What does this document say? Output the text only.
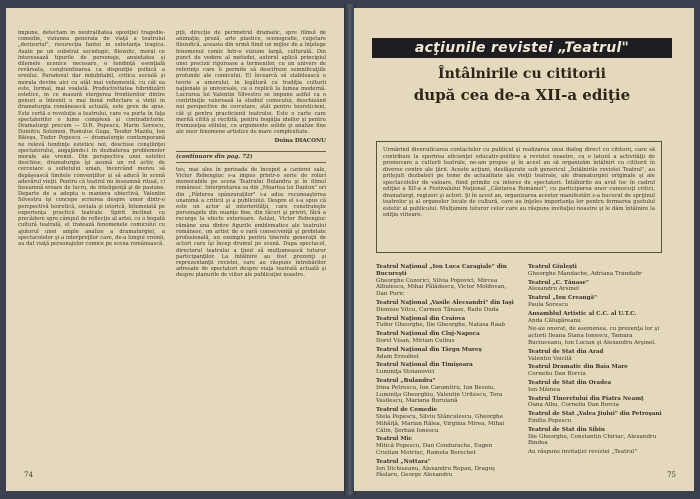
impune, detectam in neutralitatea opoziţiei tragedie-comedie, viziunea generala de viaţă a teatrului „derizoriul", resurecţia fantei in substanţa tragica. Axate pe un substrat sociologic, filozofic, moral ce interesează tipurile de personaje, anxietatea şi dilemele ucenice necesare, o tendinţă esenţială revărsata, conştientizarea ca dispoziţie psihică a eroului. Paradoxul dar indubitabil, critica socială şi morala devine aici cu atât mai vehementă, cu cât ea este, formal, mai voalată. Productivitatea hibridizării estetice, in ce masură stergerea frontierelor dintre genuri a înlesnit o mai bună reflectare a vieţii in dramaturgia românească actuală, este greu de spus. Este certă o revoluţie a teatrului, care va purta în faţa spectatorilor o lume complexă şi contradictorie. Dramaturgi precum — D.R. Popescu, Marin Sorescu, Dumitru Solomon, Romulus Guga, Teodor Mazilu, Ion Băieşu, Tudor Popescu — dramaturgie contemporană ne relevă tendinţe estetice noi, deschise conştiinţei spectatorului, angajându-l în dezbaterea problemelor morale ale vremii. Din perspectiva unei estetici deschise, dramaturgia îşi asumă un rol activ, de cercetare a sufletului uman, încercând mereu să depăşească limitele convenţiilor şi să aducă în scenă adevărul vieţii. Pentru că teatrul nu înseamnă ritual, ci înseamnă eroare de lucru, de inteligenţă şi de pasiune. Departe de a adopta o maniera obiectivă, Valentin Silvestru îşi concepe scrierea despre umor dintr-o perspectivă teoretică, sociala şi istorică, întemeiată pe experienţa practicii teatrale. Spirit înclinat cu precădere spre câmpul de reflecţie al artei, cu o bogată cultură teatrală, el tratează fenomenele comicului cu ajutorul unei ample analize a dramaturgiei, a spectacolelor şi a interpreţilor care, de-a lungul vremii, au dat viaţă personajelor comice pe scena românească.

pţii, direcţie de perimetrul dramatic, spre filmul de animaţie, proză, arte plastice, scenografie, cugetare filozofică, aceasta din urmă fiind un mijloc de a înţelege fenomenul comic într-o viziune largă, culturală. Din punct de vedere al metodei, autorul aplică principiul unei precizii riguroase a termenilor, cu un univers de referinţe care îi permite să descifreze semnificaţiile profunde ale comicului. El încearcă să stabilească o teorie a umorului, in legătură cu tradiţia culturii naţionale şi universale, ca o replică la lumea modernă. Lucrarea lui Valentin Silvestru se impune astfel ca o contribuţie valoroasă la studiul comicului, deschizând noi perspective de cercetare, atât pentru teoreticieni, cât şi pentru practicienii teatrului. Este o carte care merită citită şi recitită, pentru bogăţia ideilor şi pentru frumuseţea stilului, cu argumente solide şi analize fine ale unor fenomene artistice de mare complexitate.

Doina DIACONU
(continuare din pag. 72)

tes; mai ales în perioada de început a carierei sale, Victor Rebengiuc s-a impus printr-o serie de roluri memorabile pe scena Teatrului Bulandra şi în filmul românesc. Interpretarea sa din „Moartea lui Danton" ori din „Pădurea spânzuraţilor" i-a adus recunoaşterea unanimă a criticii şi a publicului. Despre el s-a spus că este un actor al interiorităţii, care construieşte personajele din nuanţe fine, din tăceri şi priviri, fără a recurge la efecte exterioare. Astăzi, Victor Rebengiuc rămâne una dintre figurile emblematice ale teatrului românesc, un artist de o rară consecvenţă şi probitate profesională, un exemplu pentru tinerele generaţii de actori care îşi încep drumul pe scenă. Dupa spectacol, directorul teatrului a ţinut să mulţumească tuturor participanţilor. La întâlnire au fost prezenţi şi reprezentanţii revistei, care au răspuns întrebărilor adresate de spectatori despre viaţa teatrală actuală şi despre planurile de viitor ale publicaţiei noastre.

74
acţiunile revistei „Teatrul"
Întâlnirile cu cititorii
după cea de-a XII-a ediţie
Urmărind diversificarea contactelor cu publicul şi realizarea unui dialog direct cu cititorii, care să contribuie la sporirea eficienţei educativ-politice a revistei noastre, ca o latură a activităţii de promovare a culturii teatrale, ne-am propus şi în acest an să organizăm întâlniri cu cititorii în diverse centre ale ţării. Aceste acţiuni, desfăşurate sub genericul „Întâlnirile revistei Teatrul", au prilejuit dezbateri pe teme de actualitate ale vieţii teatrale, ale dramaturgiei originale şi ale spectacolelor de valoare, fiind primite cu interes de spectatori. Întâlnirile au avut loc în cadrul ediţiei a XII-a a Festivalului Naţional „Cântarea României", cu participarea unor cunoscuţi critici, dramaturgi, regizori şi actori. Şi în acest an, organizarea acestor manifestări s-a bucurat de sprijinul teatrelor şi al organelor locale de cultură, care au înţeles importanţa lor pentru formarea gustului estetic al publicului. Mulţumim tuturor celor care au răspuns invitaţiei noastre şi le dăm întâlnire la ediţia viitoare.
Teatrul Naţional „Ion Luca Caragiale" din Bucureşti
Gheorghe Cozorici, Silvia Popovici, Mircea Albulescu, Mihai Pălădescu, Victor Moldovan, Dan Puric
Teatrul Naţional „Vasile Alecsandri" din Iaşi
Dionisie Vitcu, Carmen Tănase, Radu Duda
Teatrul Naţional din Craiova
Tudor Gheorghe, Ilie Gheorghe, Natasa Raab
Teatrul Naţional din Cluj-Napoca
Dorel Visan, Miriam Cuibus
Teatrul Naţional din Târgu Mureş
Adam Erzsébet
Teatrul Naţional din Timişoara
Luminiţa Stoianovici
Teatrul „Bulandra"
Irina Petrescu, Ion Caramitru, Ion Besoiu, Luminiţa Gheorghiu, Valentin Uritescu, Tora Vasilescu, Mariana Buruiană
Teatrul de Comedie
Stela Popescu, Silviu Stănculescu, Gheorghe Mihăiţă, Marian Râlea, Virginia Mirea, Mihai Cǎlin, Şerban Ionescu
Teatrul Mic
Mitică Popescu, Dan Condurache, Eugen Cristian Motriuc, Rameta Berechet
Teatrul „Nottara"
Ion Dichiseanu, Alexandru Repan, Dragoş Pâslaru, George Alexandru
Teatrul Giuleşti
Gheorghe Mandache, Adriana Trandafir
Teatrul „C. Tănase"
Alexandru Arsinel
Teatrul „Ion Creangă"
Paula Sorescu
Ansamblul Artistic al C.C. al U.T.C.
Anda Călugăreanu
Ne-au onorat, de asemenea, cu prezenţa lor şi actorii Ileana Stana Ionescu, Tamara Buciuceanu, Ion Lucian şi Alexandru Arşinel.
Teatrul de Stat din Arad
Valentin Voicilă
Teatrul Dramatic din Baia Mare
Corneliu Dan Borcia
Teatrul de Stat din Oradea
Ion Mâinea
Teatrul Tineretului din Piatra Neamţ
Oana Albu, Corneliu Dan Borcia
Teatrul de Stat „Valea Jiului" din Petroşani
Emilia Popescu
Teatrul de Stat din Sibiu
Ilie Gheorghe, Constantin Chiriac, Alexandru Bindea
Au răspuns invitaţiei revistei „Teatrul"
75
